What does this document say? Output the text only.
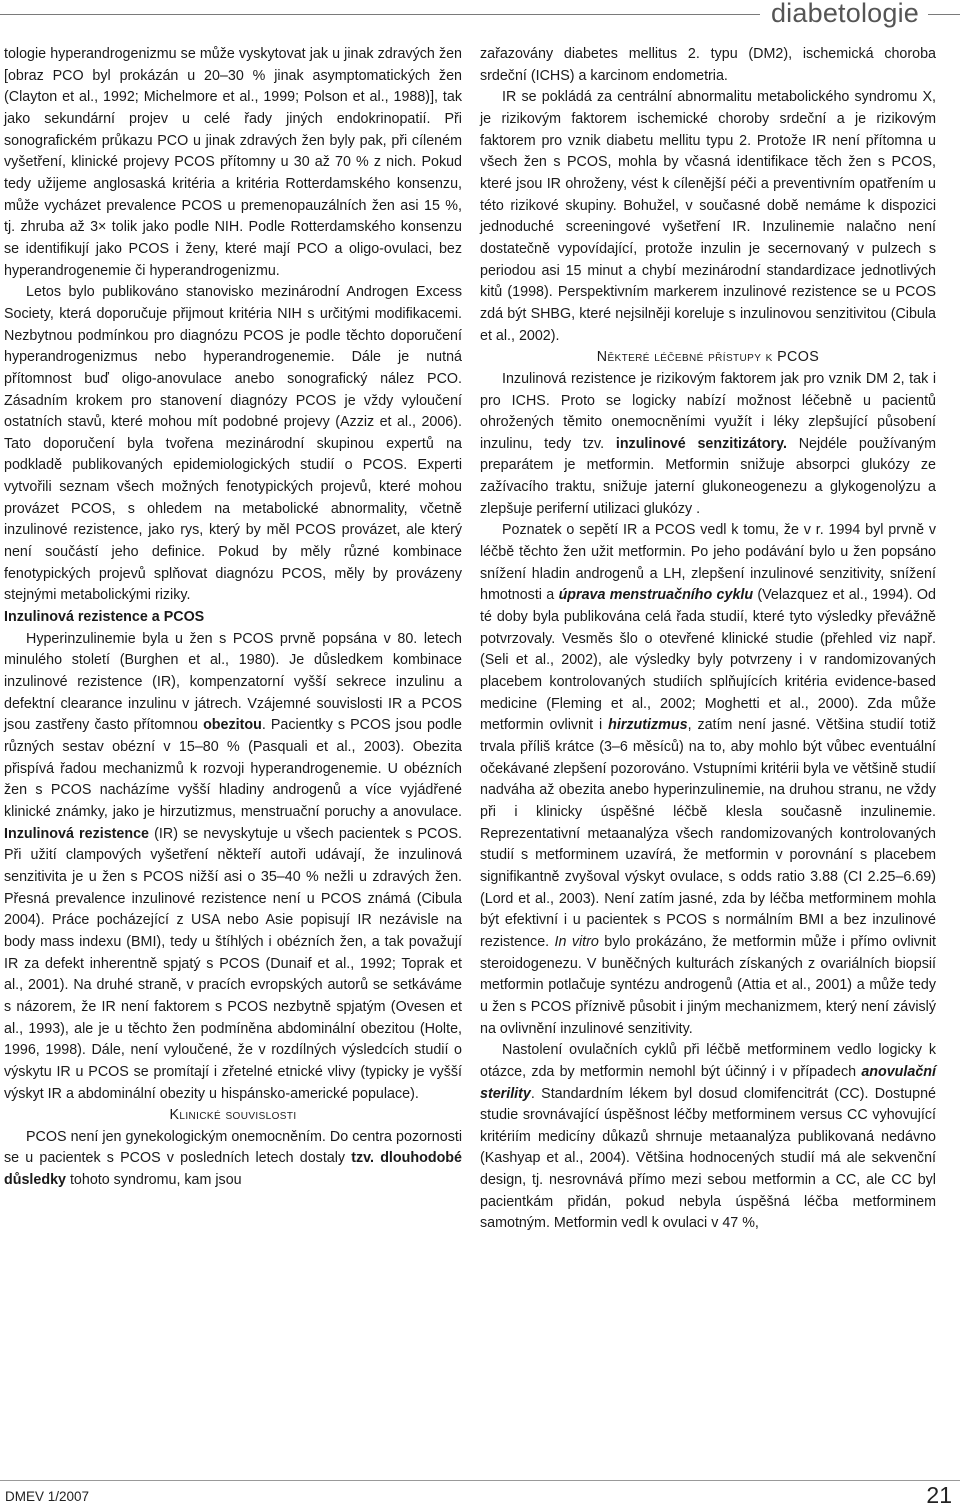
diabetologie

tologie hyperandrogenizmu se může vyskytovat jak u jinak zdravých žen [obraz PCO byl prokázán u 20–30 % jinak asymptomatických žen (Clayton et al., 1992; Michelmore et al., 1999; Polson et al., 1988)], tak jako sekundární projev u celé řady jiných endokrinopatií. Při sonografickém průkazu PCO u jinak zdravých žen byly pak, při cíleném vyšetření, klinické projevy PCOS přítomny u 30 až 70 % z nich. Pokud tedy užijeme anglosaská kritéria a kritéria Rotterdamského konsenzu, může vycházet prevalence PCOS u premenopauzálních žen asi 15 %, tj. zhruba až 3× tolik jako podle NIH. Podle Rotterdamského konsenzu se identifikují jako PCOS i ženy, které mají PCO a oligo-ovulaci, bez hyperandrogenemie či hyperandrogenizmu.

Letos bylo publikováno stanovisko mezinárodní Androgen Excess Society, která doporučuje přijmout kritéria NIH s určitými modifikacemi. Nezbytnou podmínkou pro diagnózu PCOS je podle těchto doporučení hyperandrogenizmus nebo hyperandrogenemie. Dále je nutná přítomnost buď oligo-anovulace anebo sonografický nález PCO. Zásadním krokem pro stanovení diagnózy PCOS je vždy vyloučení ostatních stavů, které mohou mít podobné projevy (Azziz et al., 2006). Tato doporučení byla tvořena mezinárodní skupinou expertů na podkladě publikovaných epidemiologických studií o PCOS. Experti vytvořili seznam všech možných fenotypických projevů, které mohou provázet PCOS, s ohledem na metabolické abnormality, včetně inzulinové rezistence, jako rys, který by měl PCOS provázet, ale který není součástí jeho definice. Pokud by měly různé kombinace fenotypických projevů splňovat diagnózu PCOS, měly by provázeny stejnými metabolickými riziky.

Inzulinová rezistence a PCOS

Hyperinzulinemie byla u žen s PCOS prvně popsána v 80. letech minulého století (Burghen et al., 1980). Je důsledkem kombinace inzulinové rezistence (IR), kompenzatorní vyšší sekrece inzulinu a defektní clearance inzulinu v játrech. Vzájemné souvislosti IR a PCOS jsou zastřeny často přítomnou obezitou. Pacientky s PCOS jsou podle různých sestav obézní v 15–80 % (Pasquali et al., 2003). Obezita přispívá řadou mechanizmů k rozvoji hyperandrogenemie. U obézních žen s PCOS nacházíme vyšší hladiny androgenů a více vyjádřené klinické známky, jako je hirzutizmus, menstruační poruchy a anovulace. Inzulinová rezistence (IR) se nevyskytuje u všech pacientek s PCOS. Při užití clampových vyšetření někteří autoři udávají, že inzulinová senzitivita je u žen s PCOS nižší asi o 35–40 % nežli u zdravých žen. Přesná prevalence inzulinové rezistence není u PCOS známá (Cibula 2004). Práce pocházející z USA nebo Asie popisují IR nezávisle na body mass indexu (BMI), tedy u štíhlých i obézních žen, a tak považují IR za defekt inherentně spjatý s PCOS (Dunaif et al., 1992; Toprak et al., 2001). Na druhé straně, v pracích evropských autorů se setkáváme s názorem, že IR není faktorem s PCOS nezbytně spjatým (Ovesen et al., 1993), ale je u těchto žen podmíněna abdominální obezitou (Holte, 1996, 1998). Dále, není vyloučené, že v rozdílných výsledcích studií o výskytu IR u PCOS se promítají i zřetelné etnické vlivy (typicky je vyšší výskyt IR a abdominální obezity u hispánsko-americké populace).

Klinické souvislosti

PCOS není jen gynekologickým onemocněním. Do centra pozornosti se u pacientek s PCOS v posledních letech dostaly tzv. dlouhodobé důsledky tohoto syndromu, kam jsou

zařazovány diabetes mellitus 2. typu (DM2), ischemická choroba srdeční (ICHS) a karcinom endometria.

IR se pokládá za centrální abnormalitu metabolického syndromu X, je rizikovým faktorem ischemické choroby srdeční a je rizikovým faktorem pro vznik diabetu mellitu typu 2. Protože IR není přítomna u všech žen s PCOS, mohla by včasná identifikace těch žen s PCOS, které jsou IR ohroženy, vést k cílenější péči a preventivním opatřením u této rizikové skupiny. Bohužel, v současné době nemáme k dispozici jednoduché screeningové vyšetření IR. Inzulinemie nalačno není dostatečně vypovídající, protože inzulin je secernovaný v pulzech s periodou asi 15 minut a chybí mezinárodní standardizace jednotlivých kitů (1998). Perspektivním markerem inzulinové rezistence se u PCOS zdá být SHBG, které nejsilněji koreluje s inzulinovou senzitivitou (Cibula et al., 2002).

Některé léčebné přístupy k PCOS

Inzulinová rezistence je rizikovým faktorem jak pro vznik DM 2, tak i pro ICHS. Proto se logicky nabízí možnost léčebně u pacientů ohrožených těmito onemocněními využít i léky zlepšující působení inzulinu, tedy tzv. inzulinové senzitizátory. Nejdéle používaným preparátem je metformin. Metformin snižuje absorpci glukózy ze zažívacího traktu, snižuje jaterní glukoneogenezu a glykogenolýzu a zlepšuje periferní utilizaci glukózy .

Poznatek o sepětí IR a PCOS vedl k tomu, že v r. 1994 byl prvně v léčbě těchto žen užit metformin. Po jeho podávání bylo u žen popsáno snížení hladin androgenů a LH, zlepšení inzulinové senzitivity, snížení hmotnosti a úprava menstruačního cyklu (Velazquez et al., 1994). Od té doby byla publikována celá řada studií, které tyto výsledky převážně potvrzovaly. Vesměs šlo o otevřené klinické studie (přehled viz např. (Seli et al., 2002), ale výsledky byly potvrzeny i v randomizovaných placebem kontrolovaných studiích splňujících kritéria evidence-based medicine (Fleming et al., 2002; Moghetti et al., 2000). Zda může metformin ovlivnit i hirzutizmus, zatím není jasné. Většina studií totiž trvala příliš krátce (3–6 měsíců) na to, aby mohlo být vůbec eventuální očekávané zlepšení pozorováno. Vstupními kritérii byla ve většině studií nadváha až obezita anebo hyperinzulinemie, na druhou stranu, ne vždy při i klinicky úspěšné léčbě klesla současně inzulinemie. Reprezentativní metaanalýza všech randomizovaných kontrolovaných studií s metforminem uzavírá, že metformin v porovnání s placebem signifikantně zvyšoval výskyt ovulace, s odds ratio 3.88 (CI 2.25–6.69) (Lord et al., 2003). Není zatím jasné, zda by léčba metforminem mohla být efektivní i u pacientek s PCOS s normálním BMI a bez inzulinové rezistence. In vitro bylo prokázáno, že metformin může i přímo ovlivnit steroidogenezu. V buněčných kulturách získaných z ovariálních biopsií metformin potlačuje syntézu androgenů (Attia et al., 2001) a může tedy u žen s PCOS příznivě působit i jiným mechanizmem, který není závislý na ovlivnění inzulinové senzitivity.

Nastolení ovulačních cyklů při léčbě metforminem vedlo logicky k otázce, zda by metformin nemohl být účinný i v případech anovulační sterility. Standardním lékem byl dosud clomifencitrát (CC). Dostupné studie srovnávající úspěšnost léčby metforminem versus CC vyhovující kritériím medicíny důkazů shrnuje metaanalýza publikovaná nedávno (Kashyap et al., 2004). Většina hodnocených studií má ale sekvenční design, tj. nesrovnává přímo mezi sebou metformin a CC, ale CC byl pacientkám přidán, pokud nebyla úspěšná léčba metforminem samotným. Metformin vedl k ovulaci v 47 %,

DMEV 1/2007	21
